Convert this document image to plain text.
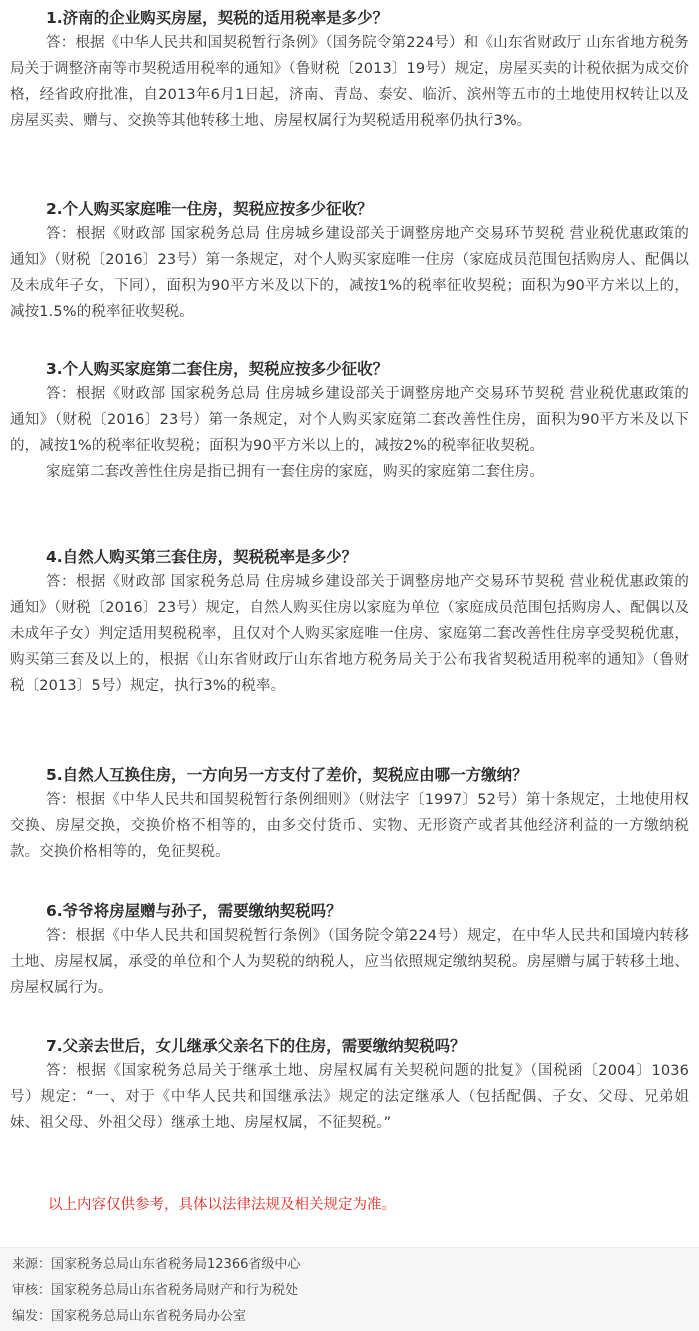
1.济南的企业购买房屋，契税的适用税率是多少？

答：根据《中华人民共和国契税暂行条例》（国务院令第224号）和《山东省财政厅 山东省地方税务局关于调整济南等市契税适用税率的通知》（鲁财税〔2013〕19号）规定，房屋买卖的计税依据为成交价格，经省政府批准，自2013年6月1日起，济南、青岛、泰安、临沂、滨州等五市的土地使用权转让以及房屋买卖、赠与、交换等其他转移土地、房屋权属行为契税适用税率仍执行3%。

2.个人购买家庭唯一住房，契税应按多少征收？

答：根据《财政部 国家税务总局 住房城乡建设部关于调整房地产交易环节契税 营业税优惠政策的通知》（财税〔2016〕23号）第一条规定，对个人购买家庭唯一住房（家庭成员范围包括购房人、配偶以及未成年子女，下同），面积为90平方米及以下的，减按1%的税率征收契税；面积为90平方米以上的，减按1.5%的税率征收契税。

3.个人购买家庭第二套住房，契税应按多少征收？

答：根据《财政部 国家税务总局 住房城乡建设部关于调整房地产交易环节契税 营业税优惠政策的通知》（财税〔2016〕23号）第一条规定，对个人购买家庭第二套改善性住房，面积为90平方米及以下的，减按1%的税率征收契税；面积为90平方米以上的，减按2%的税率征收契税。

家庭第二套改善性住房是指已拥有一套住房的家庭，购买的家庭第二套住房。

4.自然人购买第三套住房，契税税率是多少？

答：根据《财政部 国家税务总局 住房城乡建设部关于调整房地产交易环节契税 营业税优惠政策的通知》（财税〔2016〕23号）规定，自然人购买住房以家庭为单位（家庭成员范围包括购房人、配偶以及未成年子女）判定适用契税税率，且仅对个人购买家庭唯一住房、家庭第二套改善性住房享受契税优惠，购买第三套及以上的，根据《山东省财政厅山东省地方税务局关于公布我省契税适用税率的通知》（鲁财税〔2013〕5号）规定，执行3%的税率。

5.自然人互换住房，一方向另一方支付了差价，契税应由哪一方缴纳？

答：根据《中华人民共和国契税暂行条例细则》（财法字〔1997〕52号）第十条规定，土地使用权交换、房屋交换，交换价格不相等的，由多交付货币、实物、无形资产或者其他经济利益的一方缴纳税款。交换价格相等的，免征契税。

6.爷爷将房屋赠与孙子，需要缴纳契税吗？

答：根据《中华人民共和国契税暂行条例》（国务院令第224号）规定，在中华人民共和国境内转移土地、房屋权属，承受的单位和个人为契税的纳税人，应当依照规定缴纳契税。房屋赠与属于转移土地、房屋权属行为。

7.父亲去世后，女儿继承父亲名下的住房，需要缴纳契税吗？

答：根据《国家税务总局关于继承土地、房屋权属有关契税问题的批复》（国税函〔2004〕1036号）规定：“一、对于《中华人民共和国继承法》规定的法定继承人（包括配偶、子女、父母、兄弟姐妹、祖父母、外祖父母）继承土地、房屋权属，不征契税。”

以上内容仅供参考，具体以法律法规及相关规定为准。

来源：国家税务总局山东省税务局12366省级中心

审核：国家税务总局山东省税务局财产和行为税处

编发：国家税务总局山东省税务局办公室
